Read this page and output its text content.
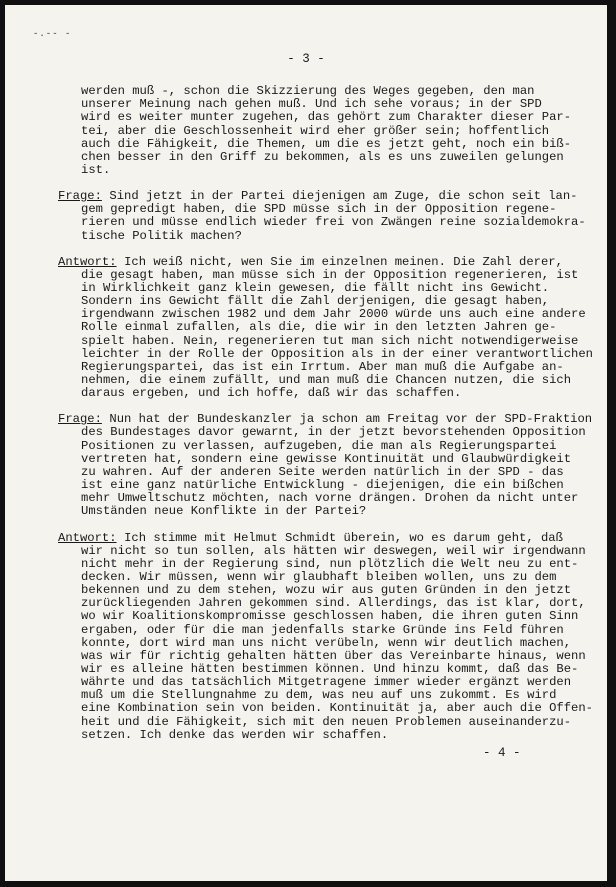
-.-- -
- 3 -
werden muß -, schon die Skizzierung des Weges gegeben, den man
unserer Meinung nach gehen muß. Und ich sehe voraus; in der SPD
wird es weiter munter zugehen, das gehört zum Charakter dieser Par-
tei, aber die Geschlossenheit wird eher größer sein; hoffentlich
auch die Fähigkeit, die Themen, um die es jetzt geht, noch ein biß-
chen besser in den Griff zu bekommen, als es uns zuweilen gelungen
ist.
Frage: Sind jetzt in der Partei diejenigen am Zuge, die schon seit lan-
gem gepredigt haben, die SPD müsse sich in der Opposition regene-
rieren und müsse endlich wieder frei von Zwängen reine sozialdemokra-
tische Politik machen?
Antwort: Ich weiß nicht, wen Sie im einzelnen meinen. Die Zahl derer,
die gesagt haben, man müsse sich in der Opposition regenerieren, ist
in Wirklichkeit ganz klein gewesen, die fällt nicht ins Gewicht.
Sondern ins Gewicht fällt die Zahl derjenigen, die gesagt haben,
irgendwann zwischen 1982 und dem Jahr 2000 würde uns auch eine andere
Rolle einmal zufallen, als die, die wir in den letzten Jahren ge-
spielt haben. Nein, regenerieren tut man sich nicht notwendigerweise
leichter in der Rolle der Opposition als in der einer verantwortlichen
Regierungspartei, das ist ein Irrtum. Aber man muß die Aufgabe an-
nehmen, die einem zufällt, und man muß die Chancen nutzen, die sich
daraus ergeben, und ich hoffe, daß wir das schaffen.
Frage: Nun hat der Bundeskanzler ja schon am Freitag vor der SPD-Fraktion
des Bundestages davor gewarnt, in der jetzt bevorstehenden Opposition
Positionen zu verlassen, aufzugeben, die man als Regierungspartei
vertreten hat, sondern eine gewisse Kontinuität und Glaubwürdigkeit
zu wahren. Auf der anderen Seite werden natürlich in der SPD - das
ist eine ganz natürliche Entwicklung - diejenigen, die ein bißchen
mehr Umweltschutz möchten, nach vorne drängen. Drohen da nicht unter
Umständen neue Konflikte in der Partei?
Antwort: Ich stimme mit Helmut Schmidt überein, wo es darum geht, daß
wir nicht so tun sollen, als hätten wir deswegen, weil wir irgendwann
nicht mehr in der Regierung sind, nun plötzlich die Welt neu zu ent-
decken. Wir müssen, wenn wir glaubhaft bleiben wollen, uns zu dem
bekennen und zu dem stehen, wozu wir aus guten Gründen in den jetzt
zurückliegenden Jahren gekommen sind. Allerdings, das ist klar, dort,
wo wir Koalitionskompromisse geschlossen haben, die ihren guten Sinn
ergaben, oder für die man jedenfalls starke Gründe ins Feld führen
konnte, dort wird man uns nicht verübeln, wenn wir deutlich machen,
was wir für richtig gehalten hätten über das Vereinbarte hinaus, wenn
wir es alleine hätten bestimmen können. Und hinzu kommt, daß das Be-
währte und das tatsächlich Mitgetragene immer wieder ergänzt werden
muß um die Stellungnahme zu dem, was neu auf uns zukommt. Es wird
eine Kombination sein von beiden. Kontinuität ja, aber auch die Offen-
heit und die Fähigkeit, sich mit den neuen Problemen auseinanderzu-
setzen. Ich denke das werden wir schaffen.
- 4 -
